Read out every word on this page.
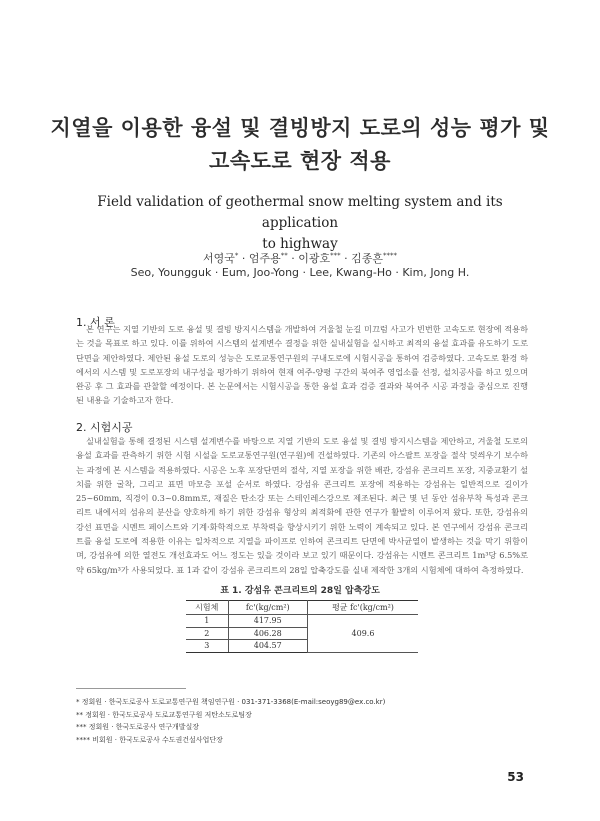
지열을 이용한 융설 및 결빙방지 도로의 성능 평가 및
고속도로 현장 적용
Field validation of geothermal snow melting system and its application
to highway
서영국* · 엄주용** · 이광호*** · 김종흔****
Seo, Youngguk · Eum, Joo-Yong · Lee, Kwang-Ho · Kim, Jong H.
1. 서 론

본 연구는 지열 기반의 도로 융설 및 결빙 방지시스템을 개발하여 겨울철 눈길 미끄럼 사고가 빈번한 고속도로 현장에 적용하는 것을 목표로 하고 있다. 이를 위하여 시스템의 설계변수 결정을 위한 실내실험을 실시하고 최적의 융설 효과를 유도하기 도로단면을 제안하였다. 제안된 융설 도로의 성능은 도로교통연구원의 구내도로에 시험시공을 통하여 검증하였다. 고속도로 환경 하에서의 시스템 및 도로포장의 내구성을 평가하기 위하여 현재 여주-양평 구간의 북여주 영업소를 선정, 설치공사를 하고 있으며 완공 후 그 효과를 관찰할 예정이다. 본 논문에서는 시험시공을 통한 융설 효과 검증 결과와 북여주 시공 과정을 중심으로 진행된 내용을 기술하고자 한다.

2. 시험시공

실내실험을 통해 결정된 시스템 설계변수를 바탕으로 지열 기반의 도로 융설 및 결빙 방지시스템을 제안하고, 겨울철 도로의 융설 효과를 관측하기 위한 시험 시설을 도로교통연구원(연구원)에 건설하였다. 기존의 아스팔트 포장을 절삭 덧씌우기 보수하는 과정에 본 시스템을 적용하였다. 시공은 노후 포장단면의 절삭, 지열 포장을 위한 배관, 강섬유 콘크리트 포장, 지중교환기 설치를 위한 굴착, 그리고 표면 마모층 포설 순서로 하였다. 강섬유 콘크리트 포장에 적용하는 강섬유는 일반적으로 길이가 25~60mm, 직경이 0.3~0.8mm로, 재질은 탄소강 또는 스테인레스강으로 제조된다. 최근 몇 년 동안 섬유부착 특성과 콘크리트 내에서의 섬유의 분산을 양호하게 하기 위한 강섬유 형상의 최적화에 관한 연구가 활발히 이루어져 왔다. 또한, 강섬유의 강선 표면을 시멘트 페이스트와 기계·화학적으로 부착력을 향상시키기 위한 노력이 계속되고 있다. 본 연구에서 강섬유 콘크리트를 융설 도로에 적용한 이유는 일차적으로 지열을 파이프로 인하여 콘크리트 단면에 박사균열이 발생하는 것을 막기 위함이며, 강섬유에 의한 열전도 개선효과도 어느 정도는 있을 것이라 보고 있기 때문이다. 강섬유는 시멘트 콘크리트 1m³당 6.5%로 약 65kg/m³가 사용되었다. 표 1과 같이 강섬유 콘크리트의 28일 압축강도를 실내 제작한 3개의 시험체에 대하여 측정하였다.

표 1. 강섬유 콘크리트의 28일 압축강도
시험체	fc'(kg/cm²)	평균 fc'(kg/cm²)
1	417.95	409.6
2	406.28	
3	404.57	
* 정회원 · 한국도로공사 도로교통연구원 책임연구원 · 031-371-3368(E-mail:seoyg89@ex.co.kr)
** 정회원 · 한국도로공사 도로교통연구원 저탄소도로팀장
*** 정회원 · 한국도로공사 연구개발실장
**** 비회원 · 한국도로공사 수도권건설사업단장
53
